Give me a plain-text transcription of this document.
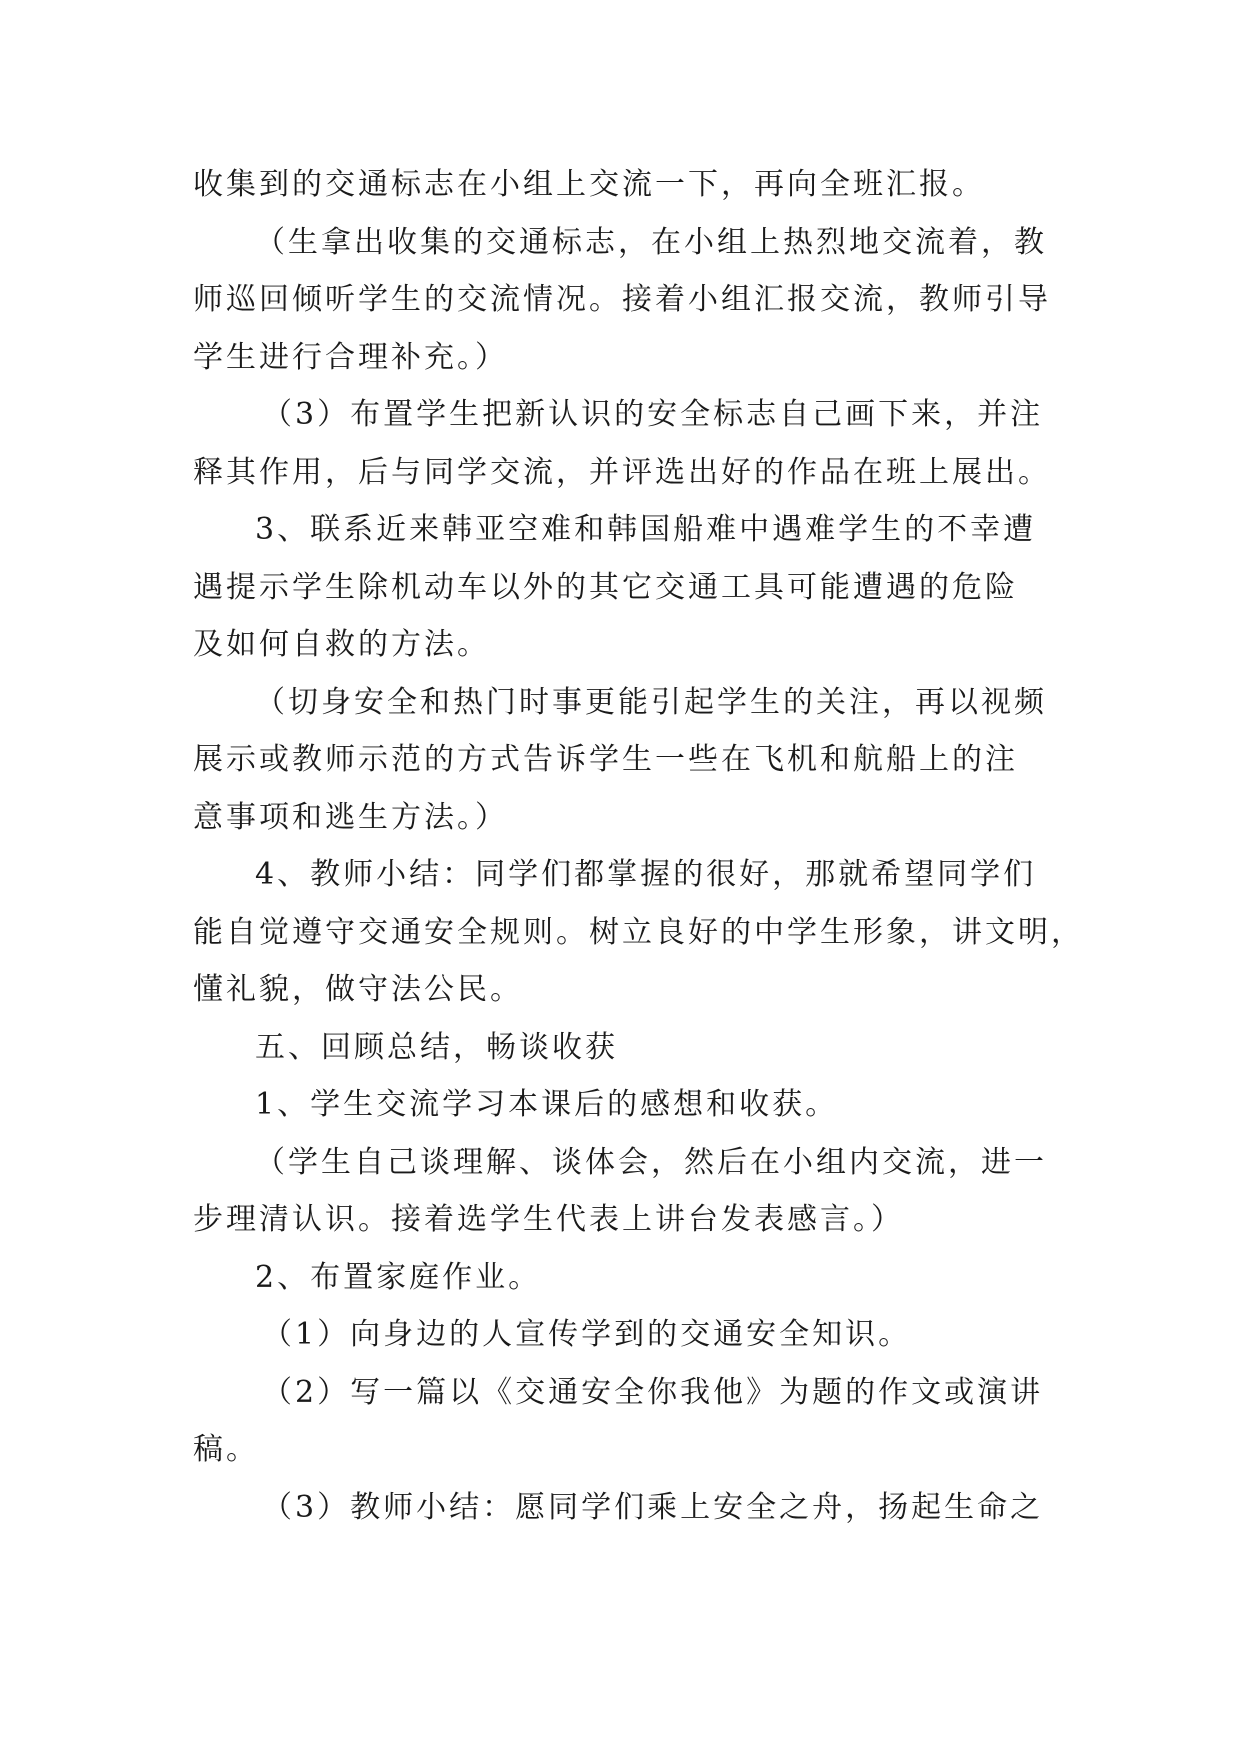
收集到的交通标志在小组上交流一下，再向全班汇报。
（生拿出收集的交通标志，在小组上热烈地交流着，教
师巡回倾听学生的交流情况。接着小组汇报交流，教师引导
学生进行合理补充。）
（3）布置学生把新认识的安全标志自己画下来，并注
释其作用，后与同学交流，并评选出好的作品在班上展出。
3、联系近来韩亚空难和韩国船难中遇难学生的不幸遭
遇提示学生除机动车以外的其它交通工具可能遭遇的危险
及如何自救的方法。
（切身安全和热门时事更能引起学生的关注，再以视频
展示或教师示范的方式告诉学生一些在飞机和航船上的注
意事项和逃生方法。）
4、教师小结：同学们都掌握的很好，那就希望同学们
能自觉遵守交通安全规则。树立良好的中学生形象，讲文明，
懂礼貌，做守法公民。
五、回顾总结，畅谈收获
1、学生交流学习本课后的感想和收获。
（学生自己谈理解、谈体会，然后在小组内交流，进一
步理清认识。接着选学生代表上讲台发表感言。）
2、布置家庭作业。
（1）向身边的人宣传学到的交通安全知识。
（2）写一篇以《交通安全你我他》为题的作文或演讲
稿。
（3）教师小结：愿同学们乘上安全之舟，扬起生命之
